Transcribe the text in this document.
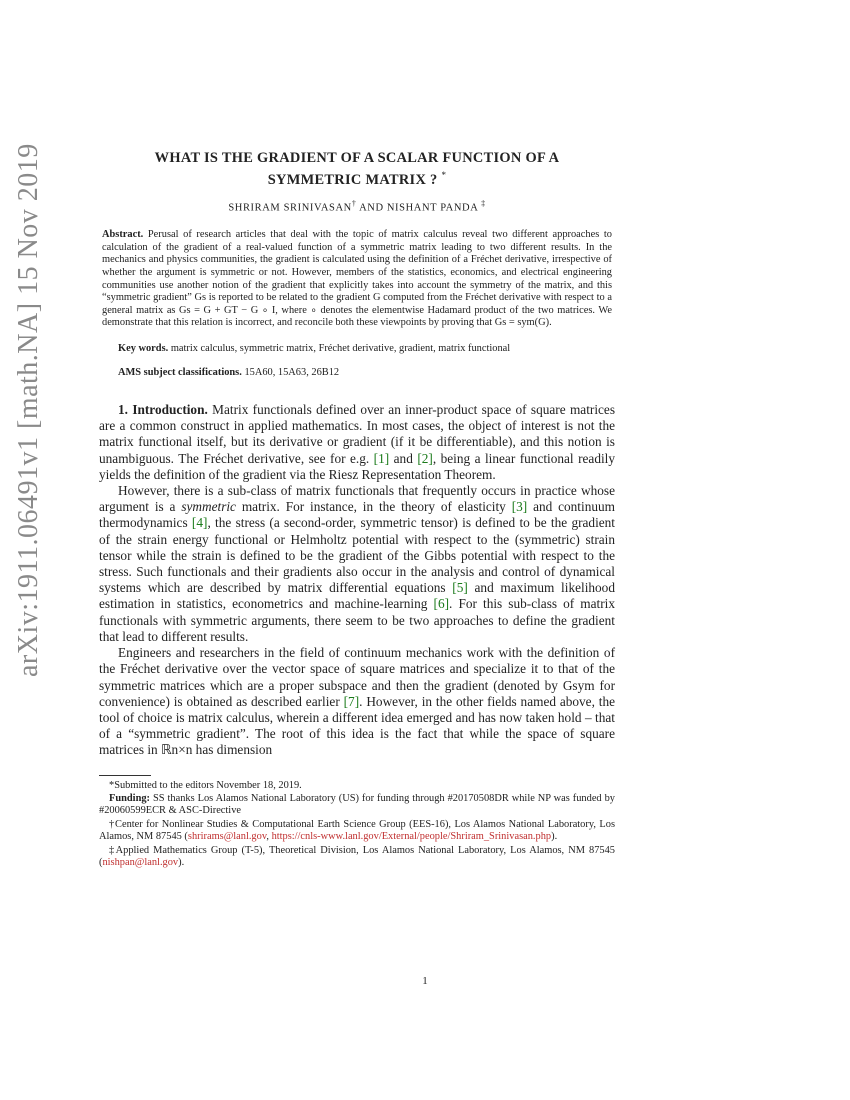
arXiv:1911.06491v1 [math.NA] 15 Nov 2019	WHAT IS THE GRADIENT OF A SCALAR FUNCTION OF A
SYMMETRIC MATRIX ? *
SHRIRAM SRINIVASAN† AND NISHANT PANDA ‡
Abstract. Perusal of research articles that deal with the topic of matrix calculus reveal two different approaches to calculation of the gradient of a real-valued function of a symmetric matrix leading to two different results. In the mechanics and physics communities, the gradient is calculated using the definition of a Fréchet derivative, irrespective of whether the argument is symmetric or not. However, members of the statistics, economics, and electrical engineering communities use another notion of the gradient that explicitly takes into account the symmetry of the matrix, and this “symmetric gradient” Gs is reported to be related to the gradient G computed from the Fréchet derivative with respect to a general matrix as Gs = G + GT − G ∘ I, where ∘ denotes the elementwise Hadamard product of the two matrices. We demonstrate that this relation is incorrect, and reconcile both these viewpoints by proving that Gs = sym(G).
Key words. matrix calculus, symmetric matrix, Fréchet derivative, gradient, matrix functional
AMS subject classifications. 15A60, 15A63, 26B12

1. Introduction. Matrix functionals defined over an inner-product space of square matrices are a common construct in applied mathematics. In most cases, the object of interest is not the matrix functional itself, but its derivative or gradient (if it be differentiable), and this notion is unambiguous. The Fréchet derivative, see for e.g. [1] and [2], being a linear functional readily yields the definition of the gradient via the Riesz Representation Theorem.

However, there is a sub-class of matrix functionals that frequently occurs in practice whose argument is a symmetric matrix. For instance, in the theory of elasticity [3] and continuum thermodynamics [4], the stress (a second-order, symmetric tensor) is defined to be the gradient of the strain energy functional or Helmholtz potential with respect to the (symmetric) strain tensor while the strain is defined to be the gradient of the Gibbs potential with respect to the stress. Such functionals and their gradients also occur in the analysis and control of dynamical systems which are described by matrix differential equations [5] and maximum likelihood estimation in statistics, econometrics and machine-learning [6]. For this sub-class of matrix functionals with symmetric arguments, there seem to be two approaches to define the gradient that lead to different results.

Engineers and researchers in the field of continuum mechanics work with the definition of the Fréchet derivative over the vector space of square matrices and specialize it to that of the symmetric matrices which are a proper subspace and then the gradient (denoted by Gsym for convenience) is obtained as described earlier [7]. However, in the other fields named above, the tool of choice is matrix calculus, wherein a different idea emerged and has now taken hold – that of a “symmetric gradient”. The root of this idea is the fact that while the space of square matrices in ℝn×n has dimension

*Submitted to the editors November 18, 2019.

Funding: SS thanks Los Alamos National Laboratory (US) for funding through #20170508DR while NP was funded by #20060599ECR & ASC-Directive

†Center for Nonlinear Studies & Computational Earth Science Group (EES-16), Los Alamos National Laboratory, Los Alamos, NM 87545 (shrirams@lanl.gov, https://cnls-www.lanl.gov/External/people/Shriram_Srinivasan.php).

‡Applied Mathematics Group (T-5), Theoretical Division, Los Alamos National Laboratory, Los Alamos, NM 87545 (nishpan@lanl.gov).

1
